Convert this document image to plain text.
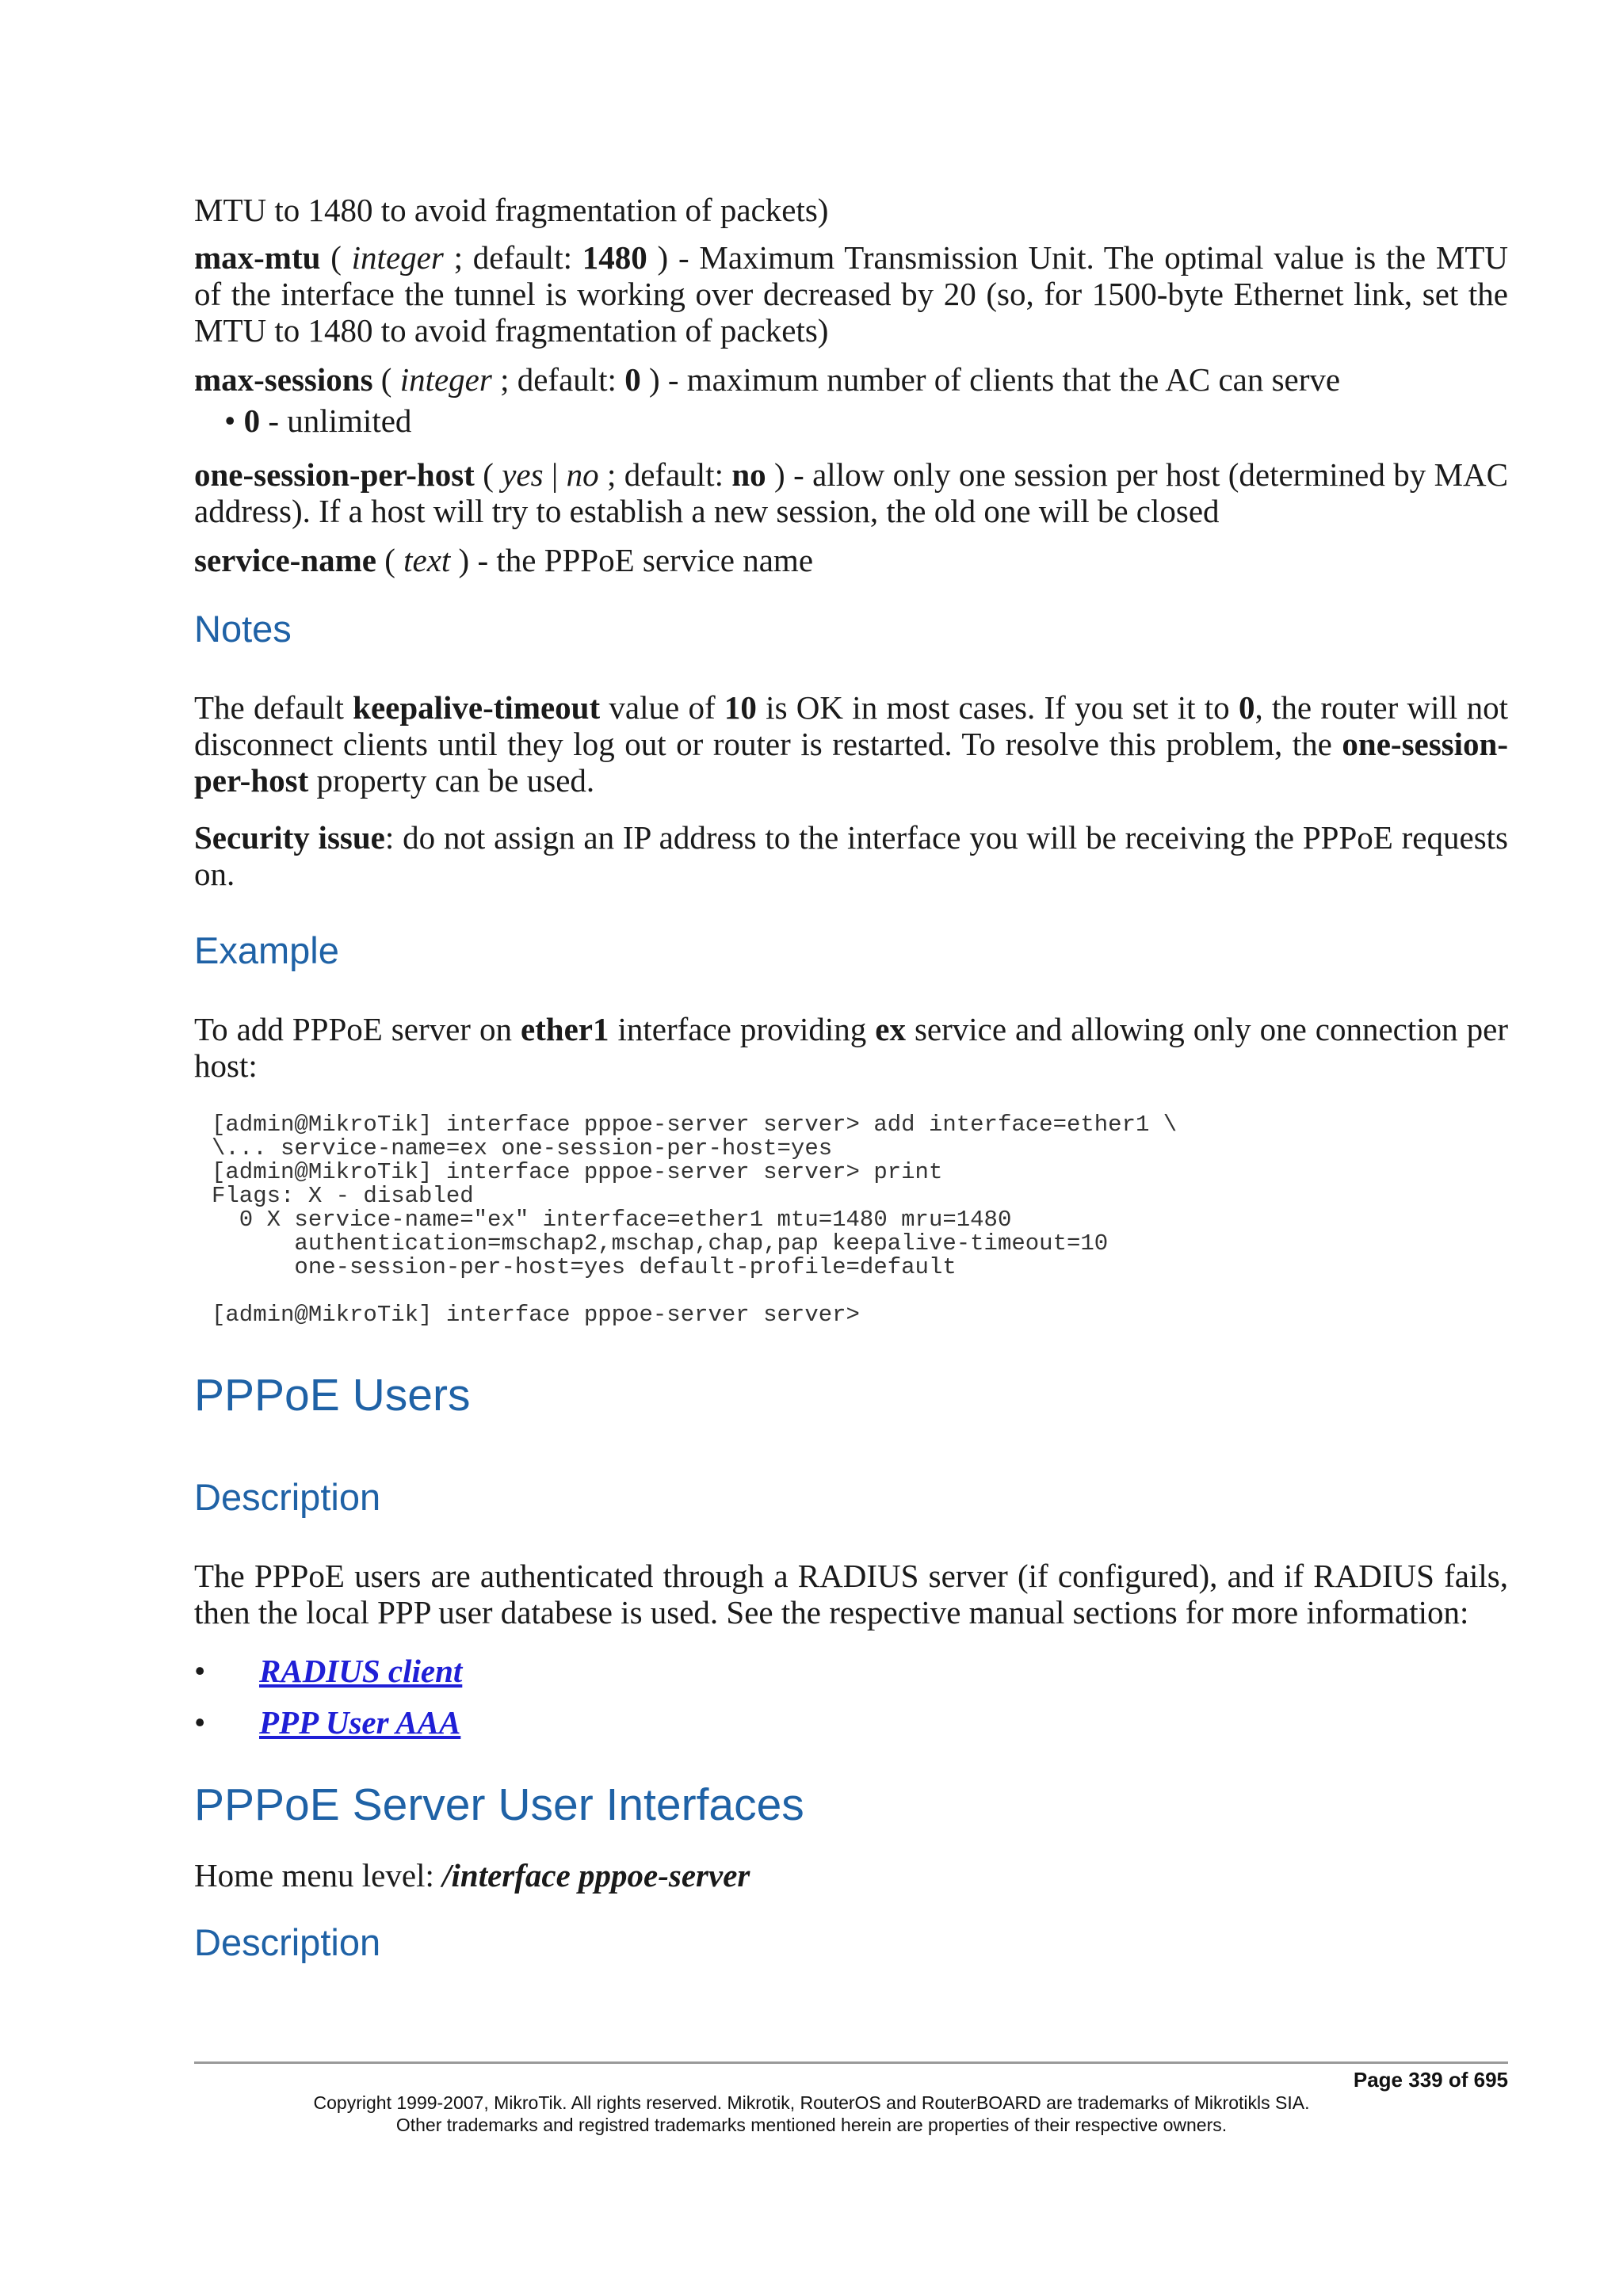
MTU to 1480 to avoid fragmentation of packets)

max-mtu ( integer ; default: 1480 ) - Maximum Transmission Unit. The optimal value is the MTU of the interface the tunnel is working over decreased by 20 (so, for 1500-byte Ethernet link, set the MTU to 1480 to avoid fragmentation of packets)

max-sessions ( integer ; default: 0 ) - maximum number of clients that the AC can serve

• 0 - unlimited

one-session-per-host ( yes | no ; default: no ) - allow only one session per host (determined by MAC address). If a host will try to establish a new session, the old one will be closed

service-name ( text ) - the PPPoE service name

Notes

The default keepalive-timeout value of 10 is OK in most cases. If you set it to 0, the router will not disconnect clients until they log out or router is restarted. To resolve this problem, the one-session-per-host property can be used.

Security issue: do not assign an IP address to the interface you will be receiving the PPPoE requests on.

Example

To add PPPoE server on ether1 interface providing ex service and allowing only one connection per host:

[admin@MikroTik] interface pppoe-server server> add interface=ether1 \
\... service-name=ex one-session-per-host=yes
[admin@MikroTik] interface pppoe-server server> print
Flags: X - disabled
0 X service-name="ex" interface=ether1 mtu=1480 mru=1480
authentication=mschap2,mschap,chap,pap keepalive-timeout=10
one-session-per-host=yes default-profile=default

[admin@MikroTik] interface pppoe-server server>
PPPoE Users
Description

The PPPoE users are authenticated through a RADIUS server (if configured), and if RADIUS fails, then the local PPP user databese is used. See the respective manual sections for more information:

• RADIUS client
• PPP User AAA
PPPoE Server User Interfaces

Home menu level: /interface pppoe-server

Description
Page 339 of 695
Copyright 1999-2007, MikroTik. All rights reserved. Mikrotik, RouterOS and RouterBOARD are trademarks of Mikrotikls SIA.
Other trademarks and registred trademarks mentioned herein are properties of their respective owners.
